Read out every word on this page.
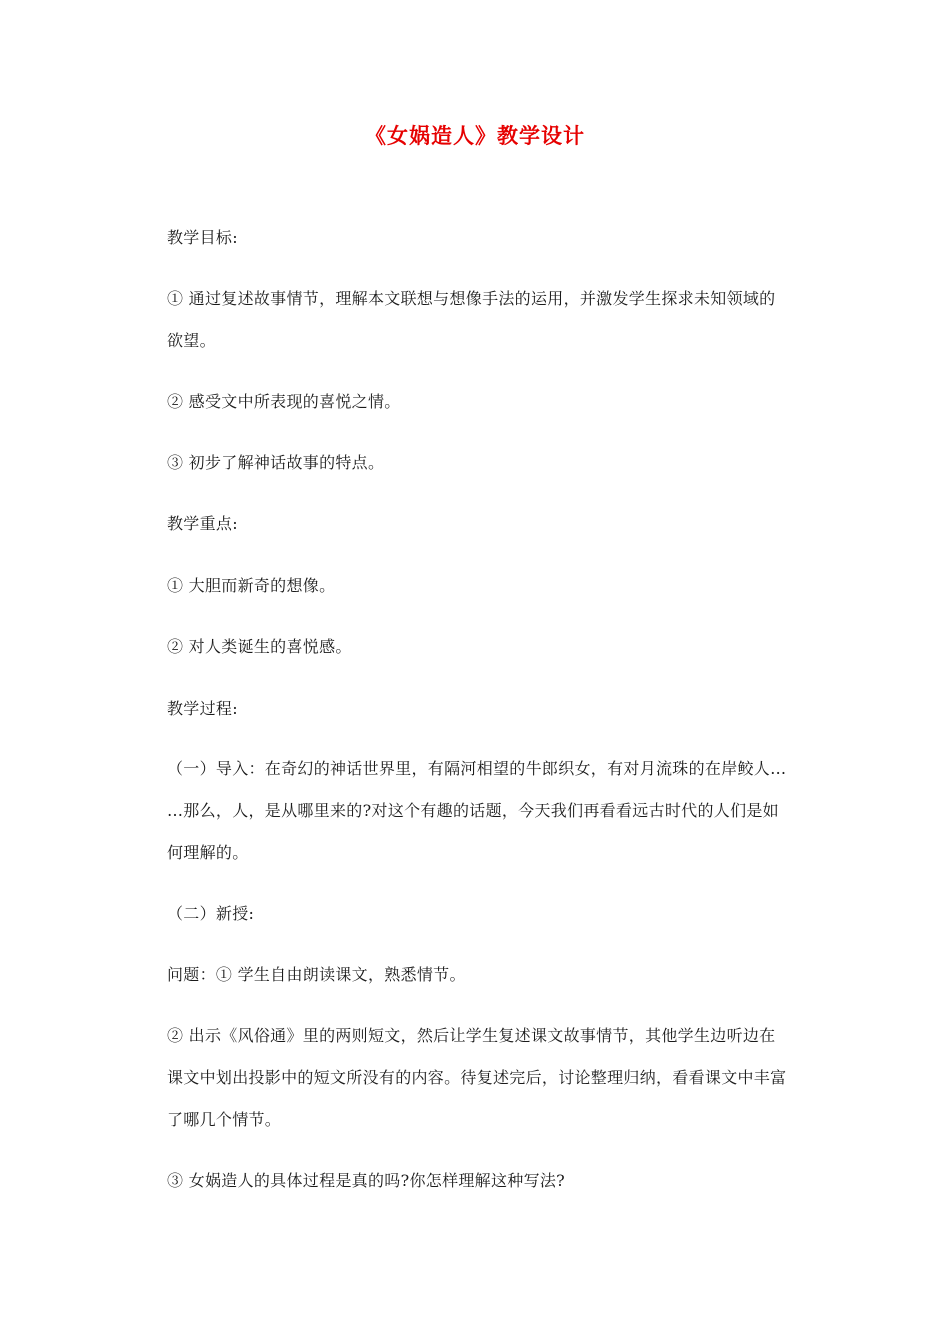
《女娲造人》教学设计
教学目标:
① 通过复述故事情节，理解本文联想与想像手法的运用，并激发学生探求未知领域的
欲望。
② 感受文中所表现的喜悦之情。
③ 初步了解神话故事的特点。
教学重点:
① 大胆而新奇的想像。
② 对人类诞生的喜悦感。
教学过程:
（一）导入：在奇幻的神话世界里，有隔河相望的牛郎织女，有对月流珠的在岸鲛人…
…那么，人，是从哪里来的?对这个有趣的话题，今天我们再看看远古时代的人们是如
何理解的。
（二）新授:
问题：① 学生自由朗读课文，熟悉情节。
② 出示《风俗通》里的两则短文，然后让学生复述课文故事情节，其他学生边听边在
课文中划出投影中的短文所没有的内容。待复述完后，讨论整理归纳，看看课文中丰富
了哪几个情节。
③ 女娲造人的具体过程是真的吗?你怎样理解这种写法?
